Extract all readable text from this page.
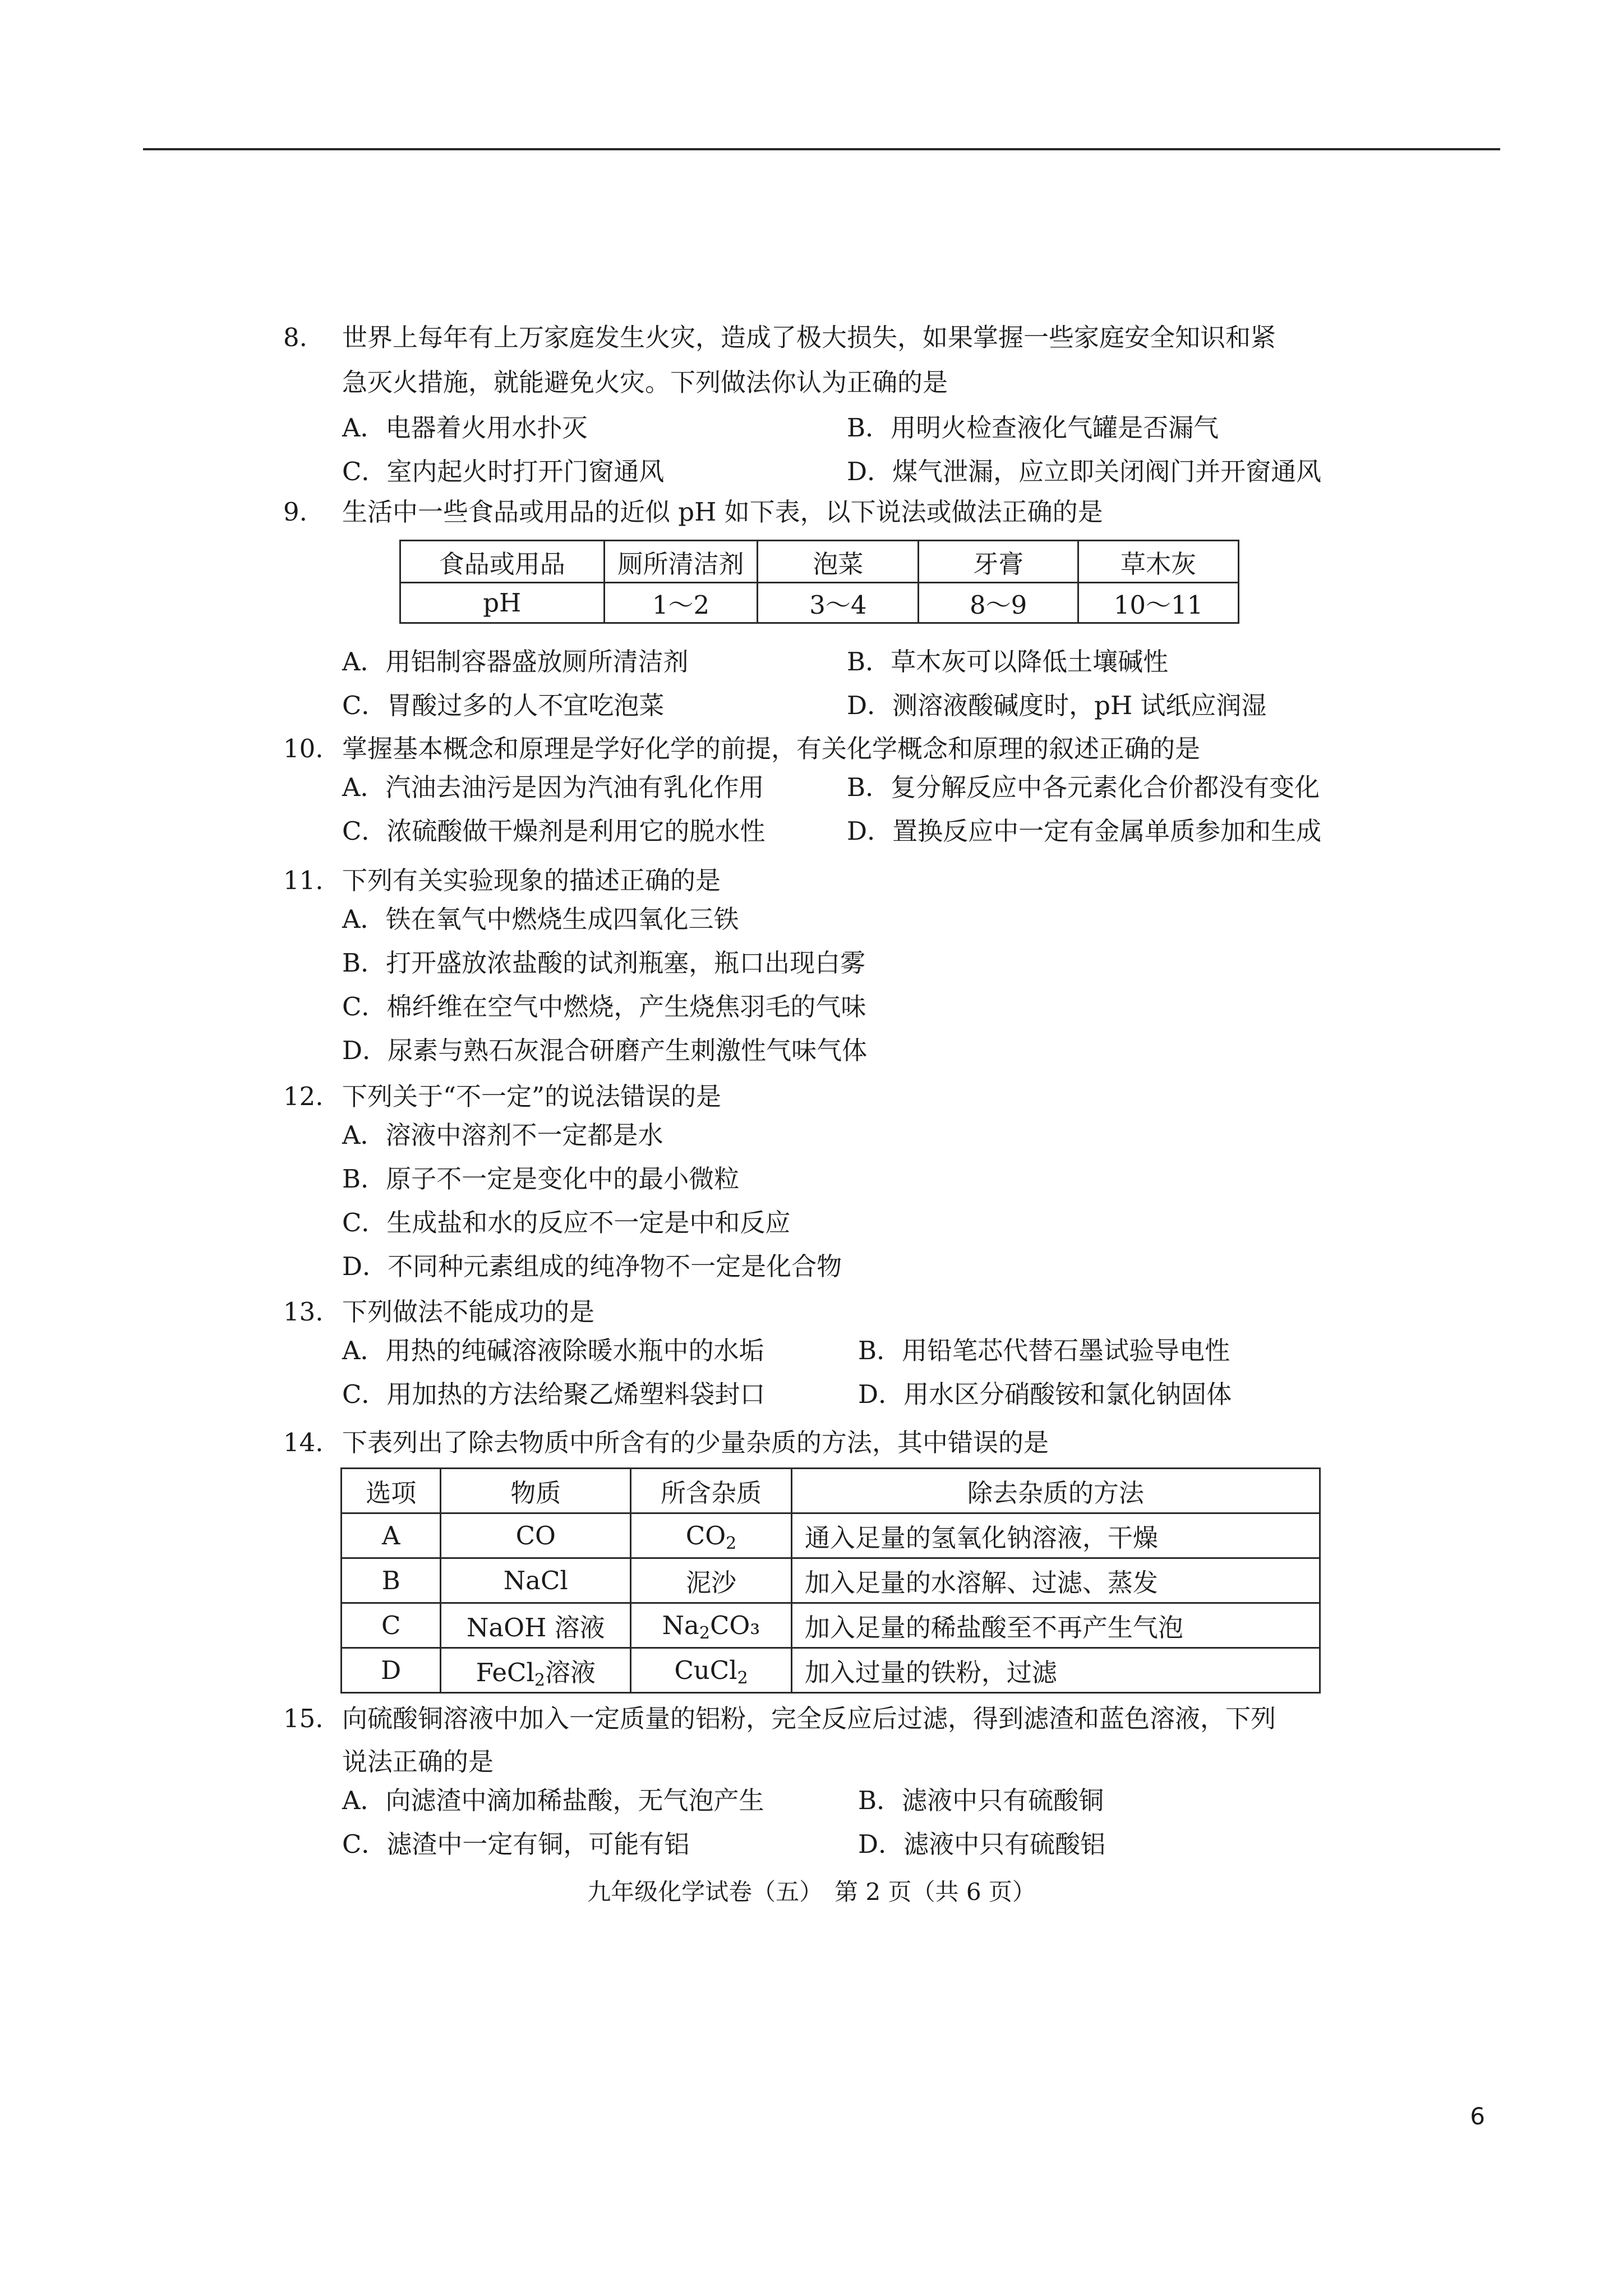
8. 世界上每年有上万家庭发生火灾，造成了极大损失，如果掌握一些家庭安全知识和紧
急灭火措施，就能避免火灾。下列做法你认为正确的是
A．电器着火用水扑灭	B．用明火检查液化气罐是否漏气
C．室内起火时打开门窗通风	D．煤气泄漏，应立即关闭阀门并开窗通风
9. 生活中一些食品或用品的近似 pH 如下表，以下说法或做法正确的是
食品或用品	厕所清洁剂	泡菜	牙膏	草木灰
pH	1～2	3～4	8～9	10～11
A．用铝制容器盛放厕所清洁剂	B．草木灰可以降低土壤碱性
C．胃酸过多的人不宜吃泡菜	D．测溶液酸碱度时，pH 试纸应润湿
10. 掌握基本概念和原理是学好化学的前提，有关化学概念和原理的叙述正确的是
A．汽油去油污是因为汽油有乳化作用	B．复分解反应中各元素化合价都没有变化
C．浓硫酸做干燥剂是利用它的脱水性	D．置换反应中一定有金属单质参加和生成
11. 下列有关实验现象的描述正确的是
A．铁在氧气中燃烧生成四氧化三铁
B．打开盛放浓盐酸的试剂瓶塞，瓶口出现白雾
C．棉纤维在空气中燃烧，产生烧焦羽毛的气味
D．尿素与熟石灰混合研磨产生刺激性气味气体
12. 下列关于“不一定”的说法错误的是
A．溶液中溶剂不一定都是水
B．原子不一定是变化中的最小微粒
C．生成盐和水的反应不一定是中和反应
D．不同种元素组成的纯净物不一定是化合物
13. 下列做法不能成功的是
A．用热的纯碱溶液除暖水瓶中的水垢	B．用铅笔芯代替石墨试验导电性
C．用加热的方法给聚乙烯塑料袋封口	D．用水区分硝酸铵和氯化钠固体
14. 下表列出了除去物质中所含有的少量杂质的方法，其中错误的是
选项	物质	所含杂质	除去杂质的方法
A	CO	$CO_2$	通入足量的氢氧化钠溶液，干燥
B	NaCl	泥沙	加入足量的水溶解、过滤、蒸发
C	NaOH 溶液	$Na_2CO_3$	加入足量的稀盐酸至不再产生气泡
D	FeCl$_2$溶液	CuCl$_2$	加入过量的铁粉，过滤
15. 向硫酸铜溶液中加入一定质量的铝粉，完全反应后过滤，得到滤渣和蓝色溶液，下列
说法正确的是
A．向滤渣中滴加稀盐酸，无气泡产生	B．滤液中只有硫酸铜
C．滤渣中一定有铜，可能有铝	D．滤液中只有硫酸铝
九年级化学试卷（五）　第 2 页（共 6 页）
6
